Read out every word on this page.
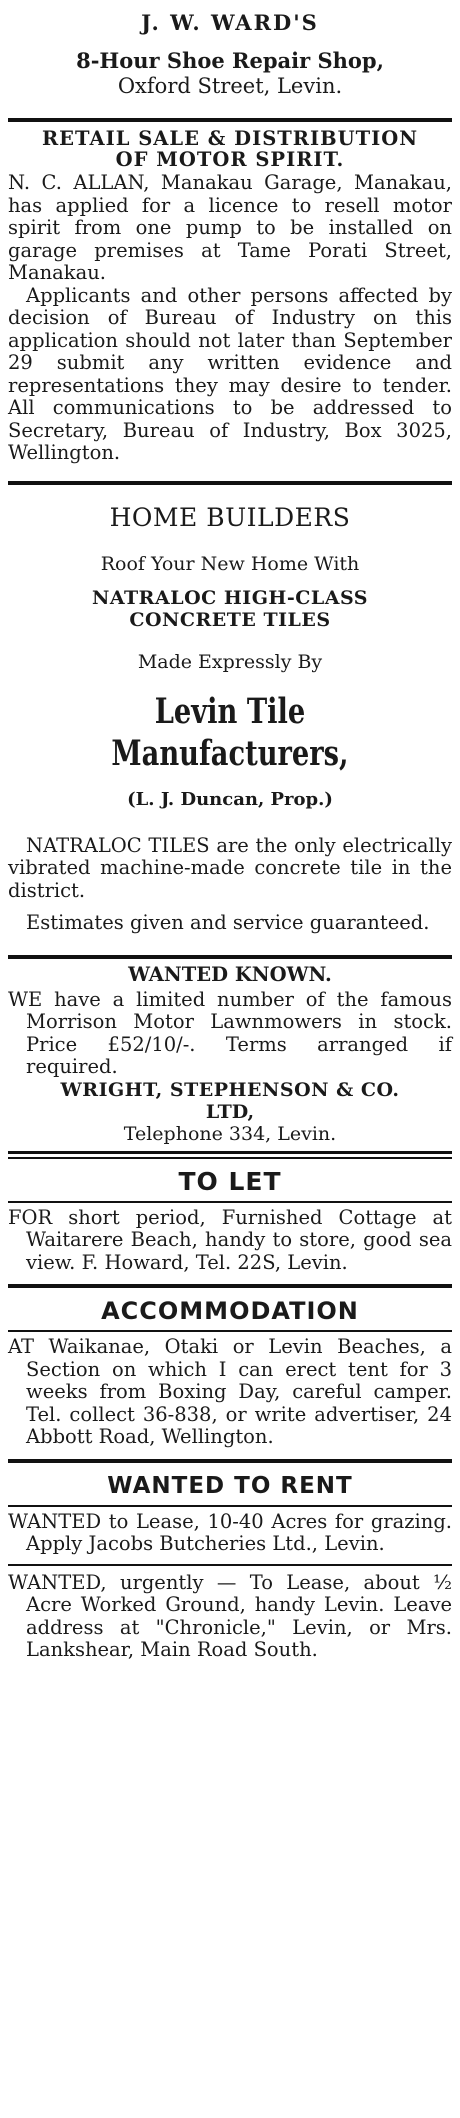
J. W. WARD'S

8-Hour Shoe Repair Shop,

Oxford Street, Levin.

RETAIL SALE & DISTRIBUTION

OF MOTOR SPIRIT.

N. C. ALLAN, Manakau Garage, Manakau, has applied for a licence to resell motor spirit from one pump to be installed on garage premises at Tame Porati Street, Manakau.

Applicants and other persons affected by decision of Bureau of Industry on this application should not later than September 29 submit any written evidence and representations they may desire to tender. All communications to be addressed to Secretary, Bureau of Industry, Box 3025, Wellington.

HOME BUILDERS

Roof Your New Home With

NATRALOC HIGH-CLASS

CONCRETE TILES

Made Expressly By

Levin Tile Manufacturers,

(L. J. Duncan, Prop.)

NATRALOC TILES are the only electrically vibrated machine-made concrete tile in the district.

Estimates given and service guaranteed.

WANTED KNOWN.

WE have a limited number of the famous Morrison Motor Lawnmowers in stock. Price £52/10/-. Terms arranged if required.

WRIGHT, STEPHENSON & CO.

LTD,

Telephone 334, Levin.

TO LET

FOR short period, Furnished Cottage at Waitarere Beach, handy to store, good sea view. F. Howard, Tel. 22S, Levin.

ACCOMMODATION

AT Waikanae, Otaki or Levin Beaches, a Section on which I can erect tent for 3 weeks from Boxing Day, careful camper. Tel. collect 36-838, or write advertiser, 24 Abbott Road, Wellington.

WANTED TO RENT

WANTED to Lease, 10-40 Acres for grazing. Apply Jacobs Butcheries Ltd., Levin.

WANTED, urgently — To Lease, about ½ Acre Worked Ground, handy Levin. Leave address at "Chronicle," Levin, or Mrs. Lankshear, Main Road South.
